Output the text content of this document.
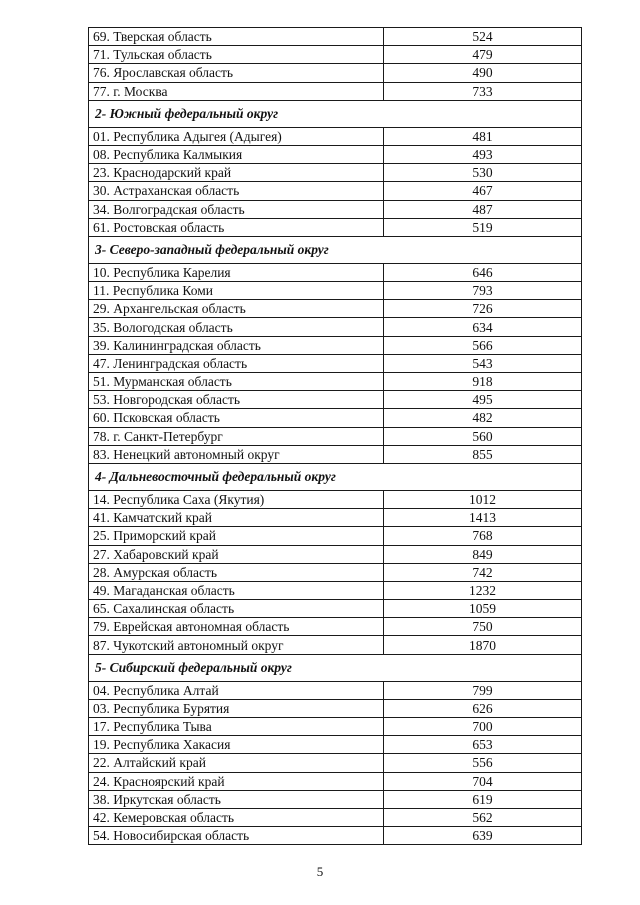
69. Тверская область	524
71. Тульская область	479
76. Ярославская область	490
77. г. Москва	733
2- Южный федеральный округ	
01. Республика Адыгея (Адыгея)	481
08. Республика Калмыкия	493
23. Краснодарский край	530
30. Астраханская область	467
34. Волгоградская область	487
61. Ростовская область	519
3- Северо-западный федеральный округ	
10. Республика Карелия	646
11. Республика Коми	793
29. Архангельская область	726
35. Вологодская область	634
39. Калининградская область	566
47. Ленинградская область	543
51. Мурманская область	918
53. Новгородская область	495
60. Псковская область	482
78. г. Санкт-Петербург	560
83. Ненецкий автономный округ	855
4- Дальневосточный федеральный округ	
14. Республика Саха (Якутия)	1012
41. Камчатский край	1413
25. Приморский край	768
27. Хабаровский край	849
28. Амурская область	742
49. Магаданская область	1232
65. Сахалинская область	1059
79. Еврейская автономная область	750
87. Чукотский автономный округ	1870
5- Сибирский федеральный округ	
04. Республика Алтай	799
03. Республика Бурятия	626
17. Республика Тыва	700
19. Республика Хакасия	653
22. Алтайский край	556
24. Красноярский край	704
38. Иркутская область	619
42. Кемеровская область	562
54. Новосибирская область	639
5
